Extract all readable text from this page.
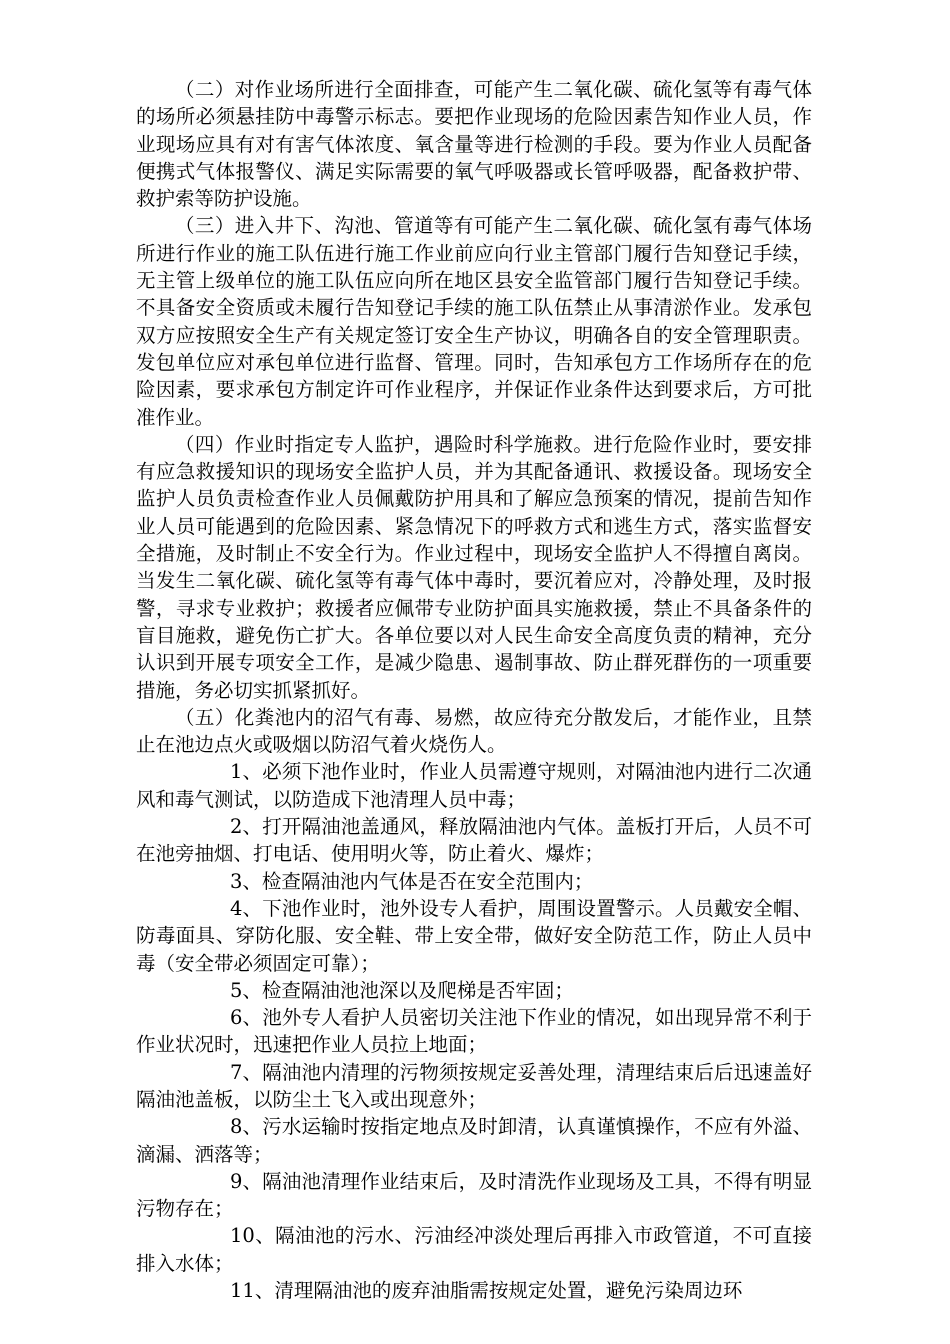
（二）对作业场所进行全面排查，可能产生二氧化碳、硫化氢等有毒气体的场所必须悬挂防中毒警示标志。要把作业现场的危险因素告知作业人员，作业现场应具有对有害气体浓度、氧含量等进行检测的手段。要为作业人员配备便携式气体报警仪、满足实际需要的氧气呼吸器或长管呼吸器，配备救护带、救护索等防护设施。

（三）进入井下、沟池、管道等有可能产生二氧化碳、硫化氢有毒气体场所进行作业的施工队伍进行施工作业前应向行业主管部门履行告知登记手续，无主管上级单位的施工队伍应向所在地区县安全监管部门履行告知登记手续。不具备安全资质或未履行告知登记手续的施工队伍禁止从事清淤作业。发承包双方应按照安全生产有关规定签订安全生产协议，明确各自的安全管理职责。发包单位应对承包单位进行监督、管理。同时，告知承包方工作场所存在的危险因素，要求承包方制定许可作业程序，并保证作业条件达到要求后，方可批准作业。

（四）作业时指定专人监护，遇险时科学施救。进行危险作业时，要安排有应急救援知识的现场安全监护人员，并为其配备通讯、救援设备。现场安全监护人员负责检查作业人员佩戴防护用具和了解应急预案的情况，提前告知作业人员可能遇到的危险因素、紧急情况下的呼救方式和逃生方式，落实监督安全措施，及时制止不安全行为。作业过程中，现场安全监护人不得擅自离岗。当发生二氧化碳、硫化氢等有毒气体中毒时，要沉着应对，冷静处理，及时报警，寻求专业救护；救援者应佩带专业防护面具实施救援，禁止不具备条件的盲目施救，避免伤亡扩大。各单位要以对人民生命安全高度负责的精神，充分认识到开展专项安全工作，是减少隐患、遏制事故、防止群死群伤的一项重要措施，务必切实抓紧抓好。

（五）化粪池内的沼气有毒、易燃，故应待充分散发后，才能作业，且禁止在池边点火或吸烟以防沼气着火烧伤人。

1、必须下池作业时，作业人员需遵守规则，对隔油池内进行二次通风和毒气测试，以防造成下池清理人员中毒；

2、打开隔油池盖通风，释放隔油池内气体。盖板打开后，人员不可在池旁抽烟、打电话、使用明火等，防止着火、爆炸；

3、检查隔油池内气体是否在安全范围内；

4、下池作业时，池外设专人看护，周围设置警示。人员戴安全帽、防毒面具、穿防化服、安全鞋、带上安全带，做好安全防范工作，防止人员中毒（安全带必须固定可靠）；

5、检查隔油池池深以及爬梯是否牢固；

6、池外专人看护人员密切关注池下作业的情况，如出现异常不利于作业状况时，迅速把作业人员拉上地面；

7、隔油池内清理的污物须按规定妥善处理，清理结束后后迅速盖好隔油池盖板，以防尘土飞入或出现意外；

8、污水运输时按指定地点及时卸清，认真谨慎操作，不应有外溢、滴漏、洒落等；

9、隔油池清理作业结束后，及时清洗作业现场及工具，不得有明显污物存在；

10、隔油池的污水、污油经冲淡处理后再排入市政管道，不可直接排入水体；

11、清理隔油池的废弃油脂需按规定处置，避免污染周边环
